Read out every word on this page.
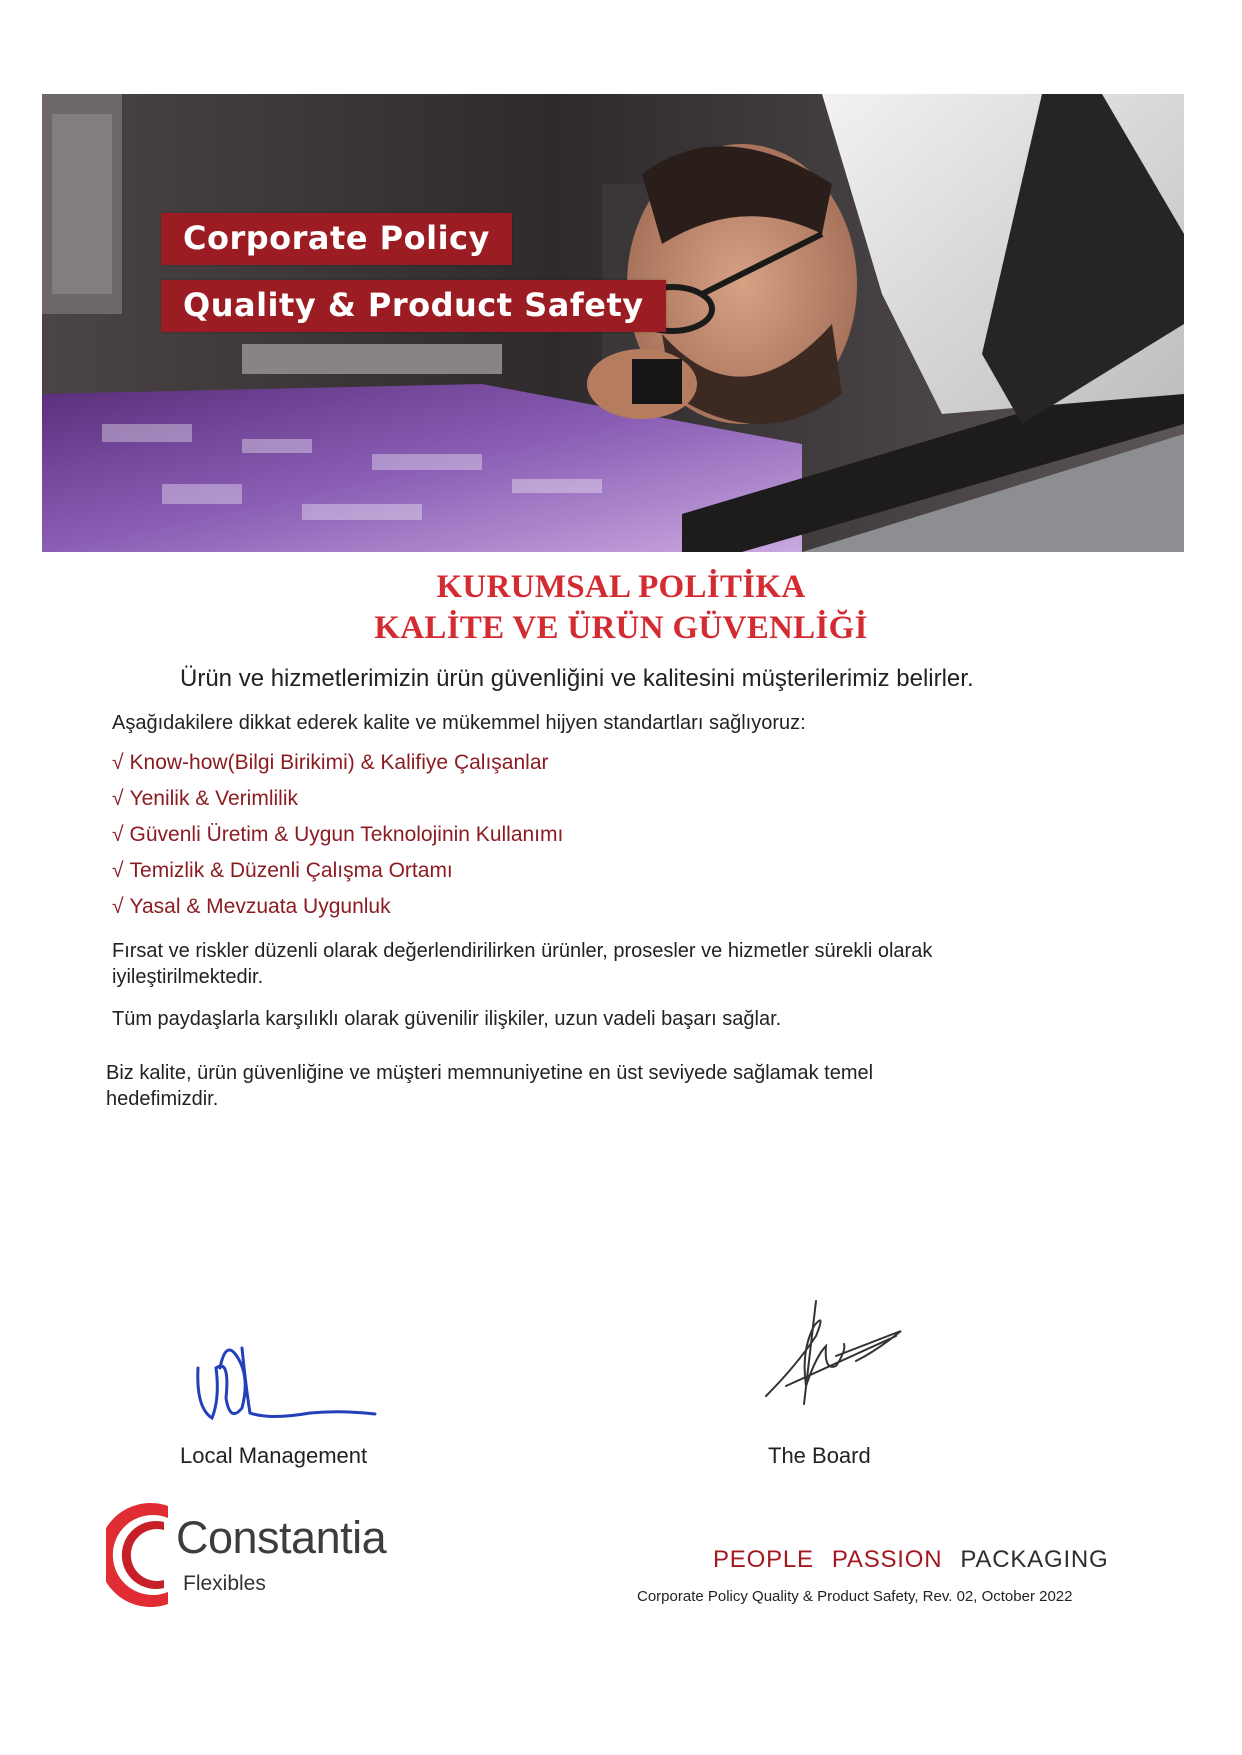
Corporate Policy
Quality & Product Safety
KURUMSAL POLİTİKA
KALİTE VE ÜRÜN GÜVENLİĞİ
Ürün ve hizmetlerimizin ürün güvenliğini ve kalitesini müşterilerimiz belirler.
Aşağıdakilere dikkat ederek kalite ve mükemmel hijyen standartları sağlıyoruz:
√ Know-how(Bilgi Birikimi) & Kalifiye Çalışanlar
√ Yenilik & Verimlilik
√ Güvenli Üretim & Uygun Teknolojinin Kullanımı
√ Temizlik & Düzenli Çalışma Ortamı
√ Yasal & Mevzuata Uygunluk
Fırsat ve riskler düzenli olarak değerlendirilirken ürünler, prosesler ve hizmetler sürekli olarak
iyileştirilmektedir.
Tüm paydaşlarla karşılıklı olarak güvenilir ilişkiler, uzun vadeli başarı sağlar.
Biz kalite, ürün güvenliğine ve müşteri memnuniyetine en üst seviyede sağlamak temel
hedefimizdir.
Local Management	The Board
Constantia
Flexibles
PEOPLE PASSION PACKAGING
Corporate Policy Quality & Product Safety, Rev. 02, October 2022
